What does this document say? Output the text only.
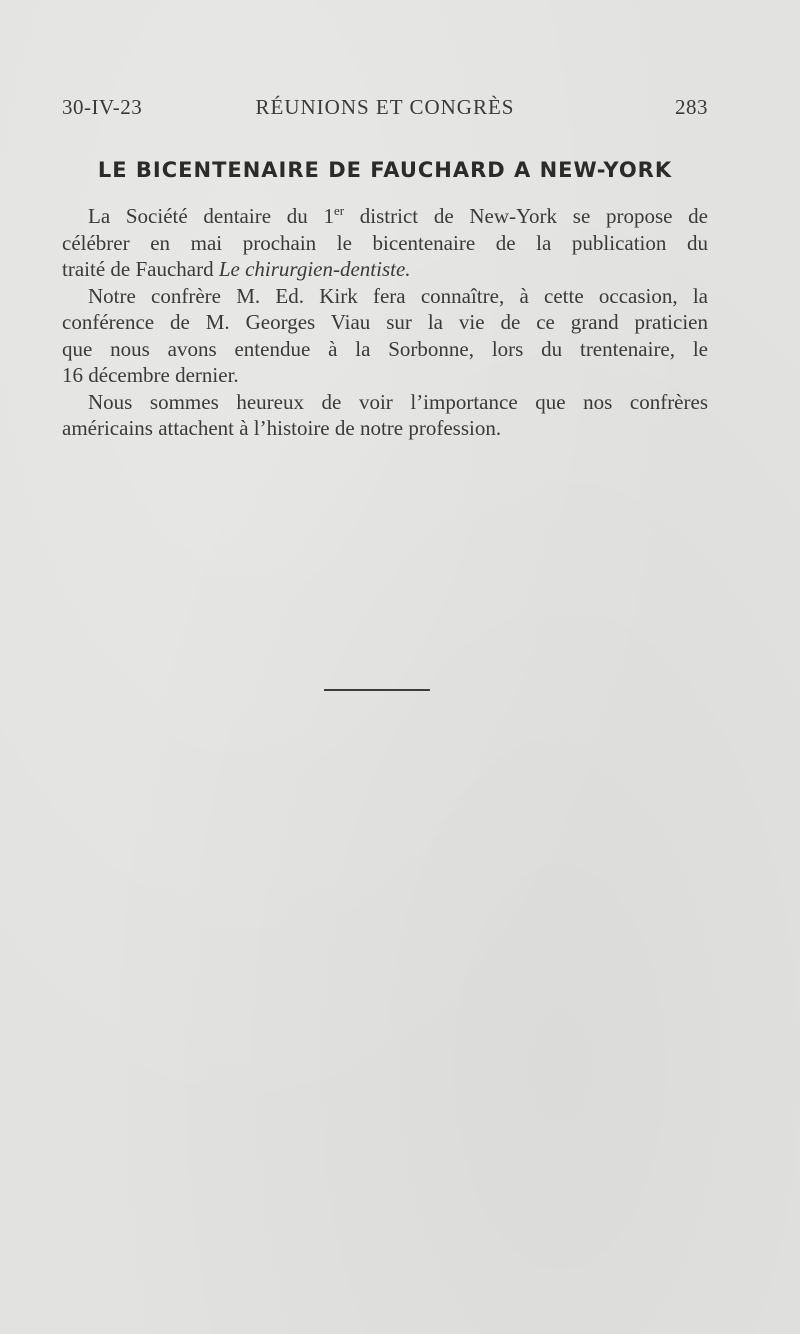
30-IV-23	RÉUNIONS ET CONGRÈS	283
LE BICENTENAIRE DE FAUCHARD A NEW-YORK
La Société dentaire du 1er district de New-York se propose de
célébrer en mai prochain le bicentenaire de la publication du
traité de Fauchard Le chirurgien-dentiste.
Notre confrère M. Ed. Kirk fera connaître, à cette occasion, la
conférence de M. Georges Viau sur la vie de ce grand praticien
que nous avons entendue à la Sorbonne, lors du trentenaire, le
16 décembre dernier.
Nous sommes heureux de voir l’importance que nos confrères
américains attachent à l’histoire de notre profession.
